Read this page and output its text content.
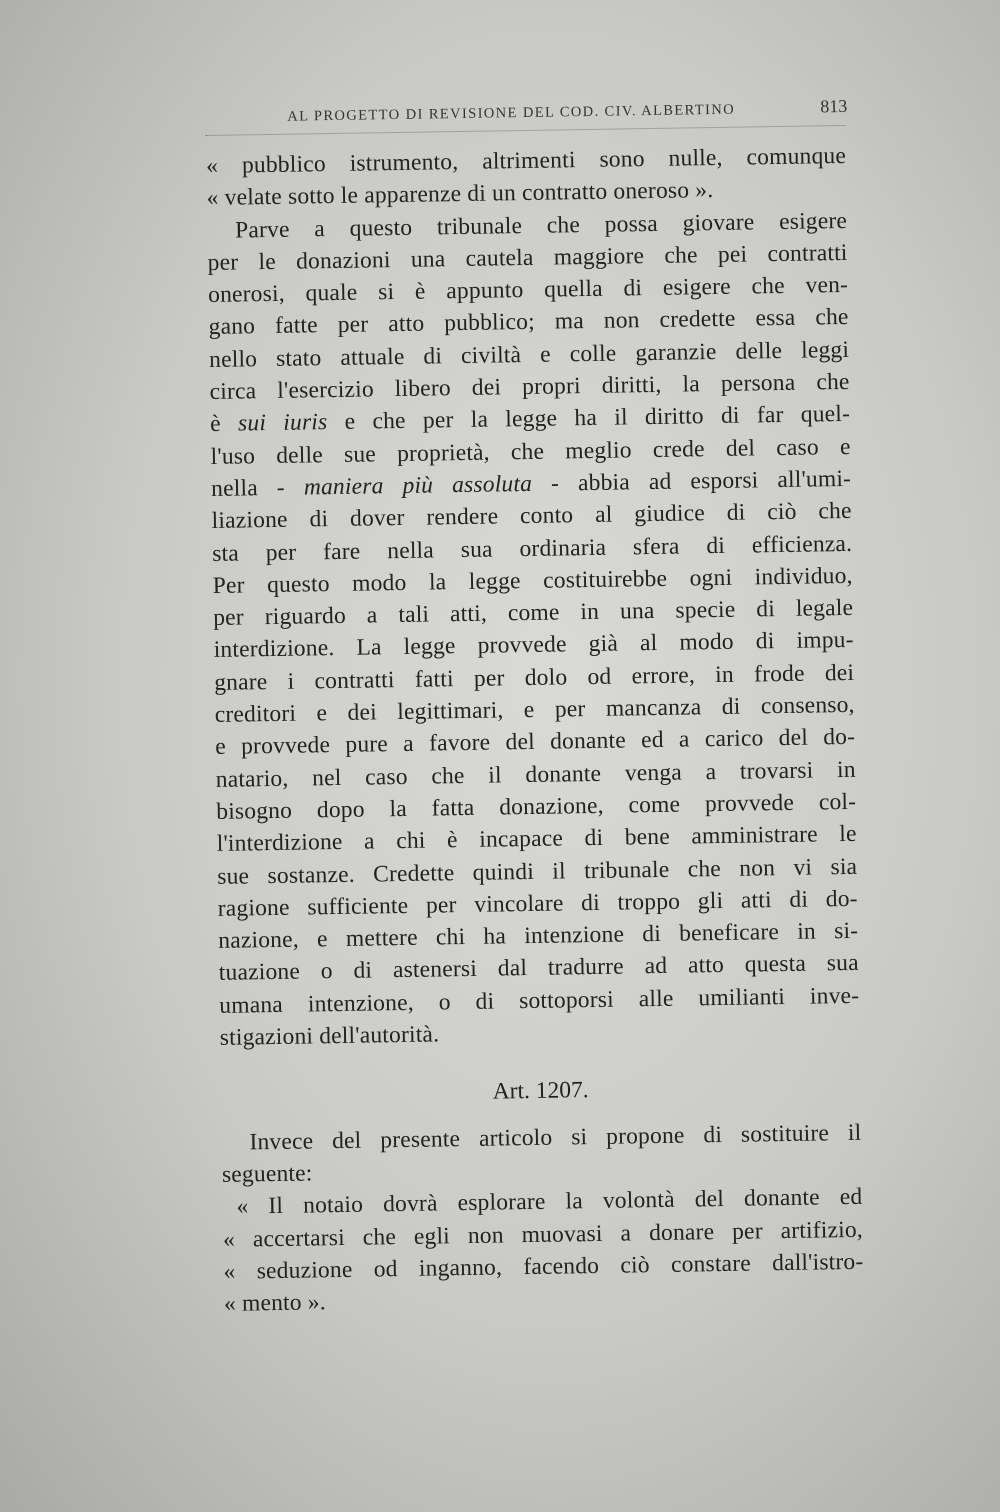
AL PROGETTO DI REVISIONE DEL COD. CIV. ALBERTINO	813
« pubblico istrumento, altrimenti sono nulle, comunque
« velate sotto le apparenze di un contratto oneroso ».
Parve a questo tribunale che possa giovare esigere
per le donazioni una cautela maggiore che pei contratti
onerosi, quale si è appunto quella di esigere che ven-
gano fatte per atto pubblico; ma non credette essa che
nello stato attuale di civiltà e colle garanzie delle leggi
circa l'esercizio libero dei propri diritti, la persona che
è sui iuris e che per la legge ha il diritto di far quel-
l'uso delle sue proprietà, che meglio crede del caso e
nella - maniera più assoluta - abbia ad esporsi all'umi-
liazione di dover rendere conto al giudice di ciò che
sta per fare nella sua ordinaria sfera di efficienza.
Per questo modo la legge costituirebbe ogni individuo,
per riguardo a tali atti, come in una specie di legale
interdizione. La legge provvede già al modo di impu-
gnare i contratti fatti per dolo od errore, in frode dei
creditori e dei legittimari, e per mancanza di consenso,
e provvede pure a favore del donante ed a carico del do-
natario, nel caso che il donante venga a trovarsi in
bisogno dopo la fatta donazione, come provvede col-
l'interdizione a chi è incapace di bene amministrare le
sue sostanze. Credette quindi il tribunale che non vi sia
ragione sufficiente per vincolare di troppo gli atti di do-
nazione, e mettere chi ha intenzione di beneficare in si-
tuazione o di astenersi dal tradurre ad atto questa sua
umana intenzione, o di sottoporsi alle umilianti inve-
stigazioni dell'autorità.
Art. 1207.
Invece del presente articolo si propone di sostituire il
seguente:
« Il notaio dovrà esplorare la volontà del donante ed
« accertarsi che egli non muovasi a donare per artifizio,
« seduzione od inganno, facendo ciò constare dall'istro-
« mento ».
